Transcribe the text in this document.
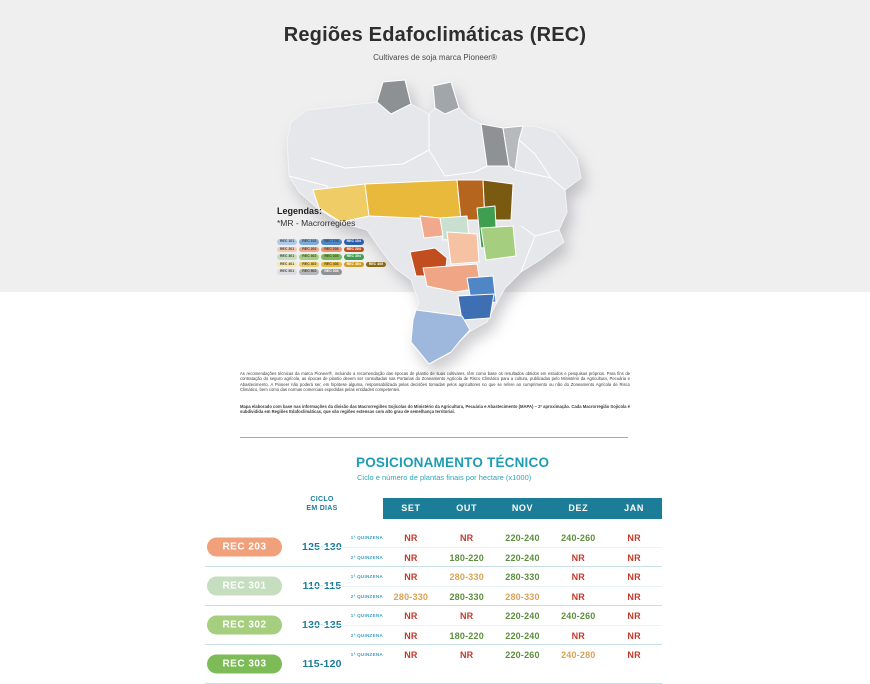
Regiões Edafoclimáticas (REC)
Cultivares de soja marca Pioneer®
Legendas:
*MR - Macrorregiões
REC 101	REC 102	REC 103	REC 104
REC 201	REC 202	REC 203	REC 204
REC 301	REC 302	REC 303	REC 304
REC 401	REC 402	REC 403	REC 404	REC 405
REC 501	REC 502	REC 503

As recomendações técnicas da marca Pioneer®, incluindo a recomendação das épocas de plantio de suas cultivares, têm como base os resultados obtidos em estudos e pesquisas próprios. Para fins de contratação do seguro agrícola, as épocas de plantio devem ser consultadas nas Portarias do Zoneamento Agrícola de Risco Climático para a cultura, publicadas pelo Ministério da Agricultura, Pecuária e Abastecimento. A Pioneer não poderá ser, em hipótese alguma, responsabilizada pelas decisões tomadas pelos agricultores no que se refere ao cumprimento ou não do Zoneamento Agrícola de Risco Climático, bem como das normas comerciais expedidas pelas entidades competentes.

Mapa elaborado com base nas informações da divisão das Macrorregiões Sojícolas do Ministério da Agricultura, Pecuária e Abastecimento (MAPA) – 2ª aproximação. Cada Macrorregião Sojícola é subdividida em Regiões Edafoclimáticas, que são regiões extensas com alto grau de semelhança territorial.

POSICIONAMENTO TÉCNICO
Ciclo e número de plantas finais por hectare (x1000)
CICLO
EM DIAS	SET	OUT	NOV	DEZ	JAN
REC 203	125-130
1ª QUINZENA	NR	NR	220-240	240-260	NR
2ª QUINZENA	NR	180-220	220-240	NR	NR
REC 301	110-115
1ª QUINZENA	NR	280-330	280-330	NR	NR
2ª QUINZENA	280-330	280-330	280-330	NR	NR
REC 302	130-135
1ª QUINZENA	NR	NR	220-240	240-260	NR
2ª QUINZENA	NR	180-220	220-240	NR	NR
REC 303	115-120
1ª QUINZENA	NR	NR	220-260	240-280	NR
